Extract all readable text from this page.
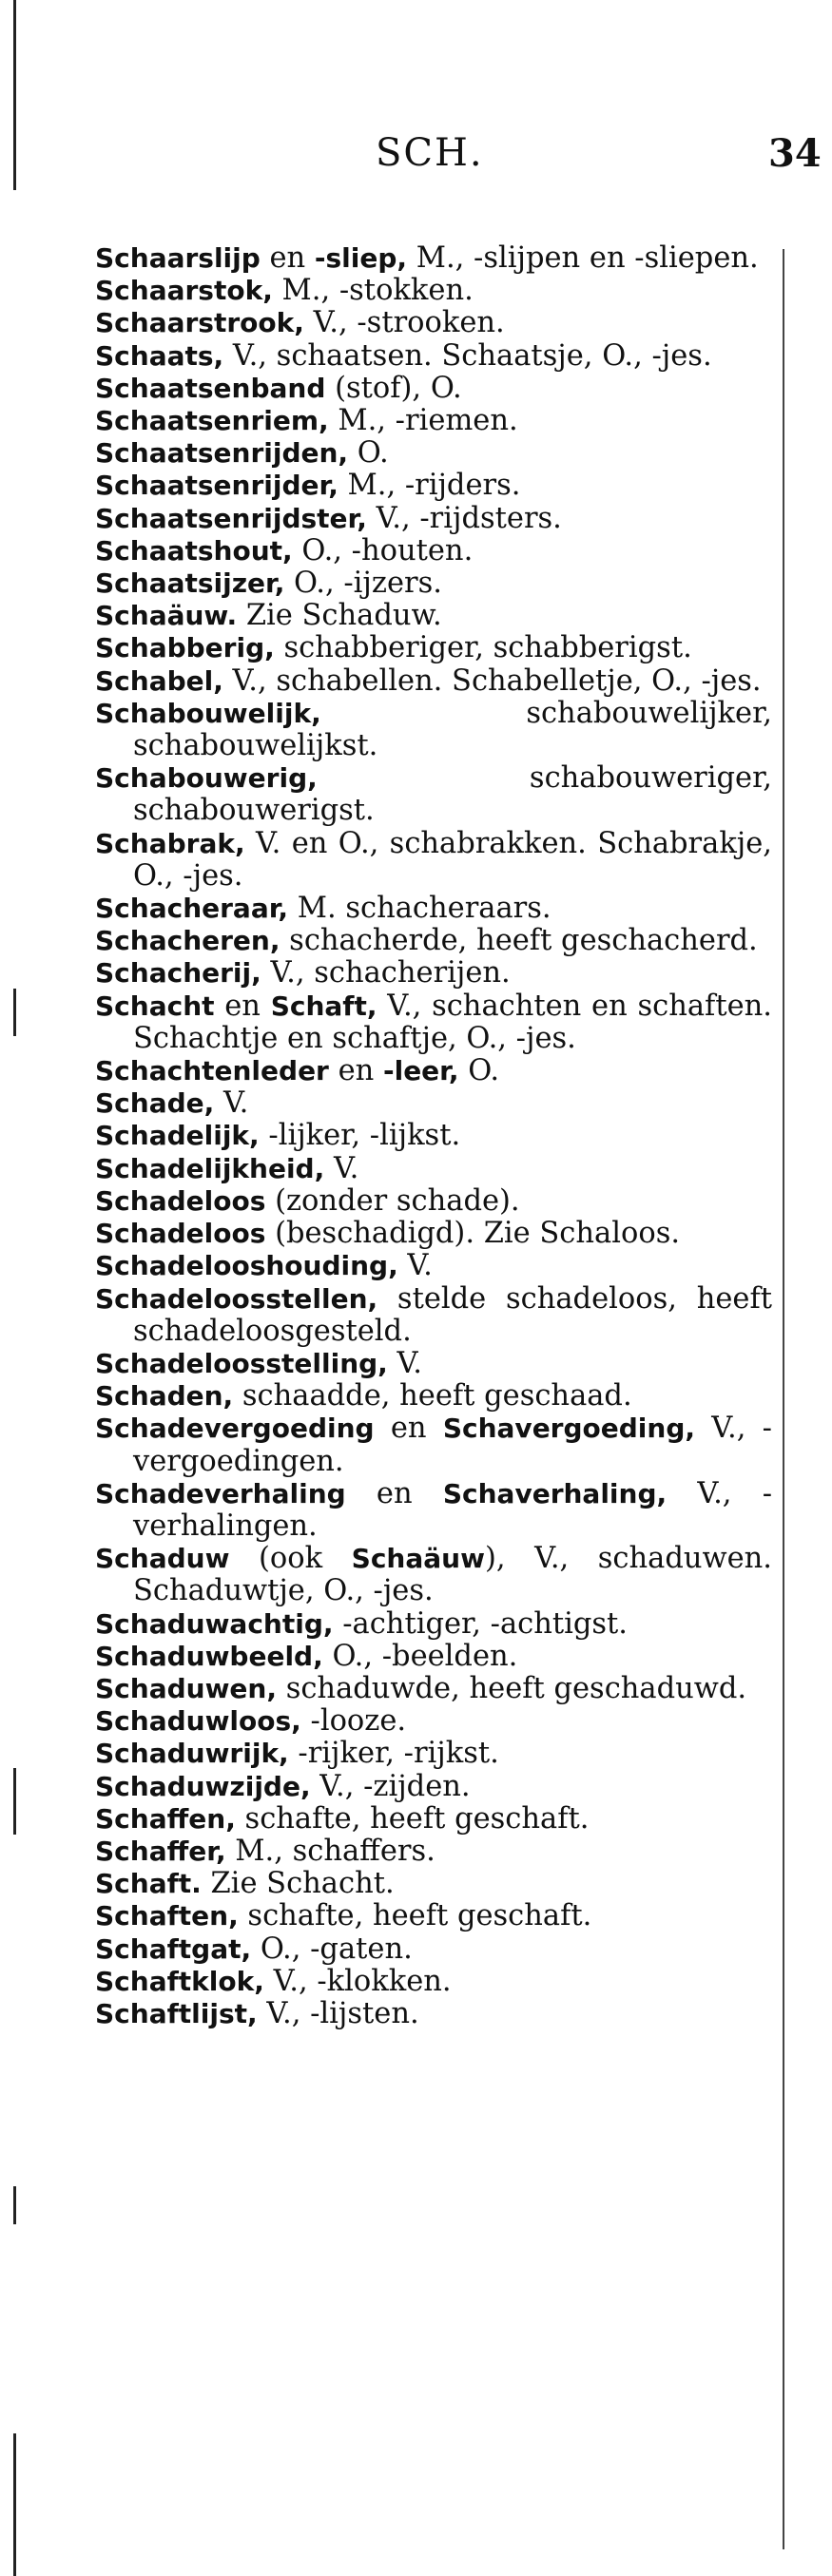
SCH.	34

Schaarslijp en -sliep, M., -slijpen en -sliepen.

Schaarstok, M., -stokken.

Schaarstrook, V., -strooken.

Schaats, V., schaatsen. Schaatsje, O., -jes.

Schaatsenband (stof), O.

Schaatsenriem, M., -riemen.

Schaatsenrijden, O.

Schaatsenrijder, M., -rijders.

Schaatsenrijdster, V., -rijdsters.

Schaatshout, O., -houten.

Schaatsijzer, O., -ijzers.

Schaäuw. Zie Schaduw.

Schabberig, schabberiger, schabberigst.

Schabel, V., schabellen. Schabelletje, O., -jes.

Schabouwelijk, schabouwelijker, schabouwelijkst.

Schabouwerig, schabouweriger, schabouwerigst.

Schabrak, V. en O., schabrakken. Schabrakje, O., -jes.

Schacheraar, M. schacheraars.

Schacheren, schacherde, heeft geschacherd.

Schacherij, V., schacherijen.

Schacht en Schaft, V., schachten en schaften. Schachtje en schaftje, O., -jes.

Schachtenleder en -leer, O.

Schade, V.

Schadelijk, -lijker, -lijkst.

Schadelijkheid, V.

Schadeloos (zonder schade).

Schadeloos (beschadigd). Zie Schaloos.

Schadelooshouding, V.

Schadeloosstellen, stelde schadeloos, heeft schadeloosgesteld.

Schadeloosstelling, V.

Schaden, schaadde, heeft geschaad.

Schadevergoeding en Schavergoeding, V., -vergoedingen.

Schadeverhaling en Schaverhaling, V., -verhalingen.

Schaduw (ook Schaäuw), V., schaduwen. Schaduwtje, O., -jes.

Schaduwachtig, -achtiger, -achtigst.

Schaduwbeeld, O., -beelden.

Schaduwen, schaduwde, heeft geschaduwd.

Schaduwloos, -looze.

Schaduwrijk, -rijker, -rijkst.

Schaduwzijde, V., -zijden.

Schaffen, schafte, heeft geschaft.

Schaffer, M., schaffers.

Schaft. Zie Schacht.

Schaften, schafte, heeft geschaft.

Schaftgat, O., -gaten.

Schaftklok, V., -klokken.

Schaftlijst, V., -lijsten.
